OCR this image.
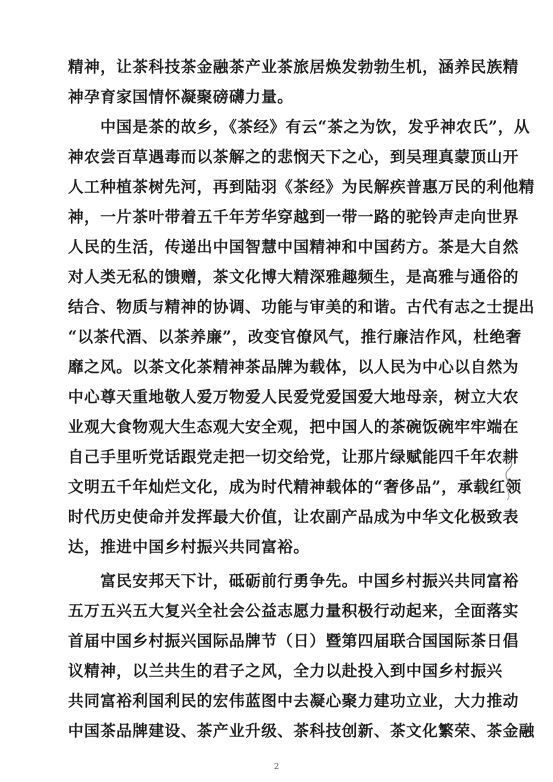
精神，让茶科技茶金融茶产业茶旅居焕发勃勃生机，涵养民族精
神孕育家国情怀凝聚磅礴力量。
　　中国是茶的故乡，《茶经》有云“茶之为饮，发乎神农氏”，从
神农尝百草遇毒而以茶解之的悲悯天下之心，到吴理真蒙顶山开
人工种植茶树先河，再到陆羽《茶经》为民解疾普惠万民的利他精
神，一片茶叶带着五千年芳华穿越到一带一路的驼铃声走向世界
人民的生活，传递出中国智慧中国精神和中国药方。茶是大自然
对人类无私的馈赠，茶文化博大精深雅趣频生，是高雅与通俗的
结合、物质与精神的协调、功能与审美的和谐。古代有志之士提出
“以茶代酒、以茶养廉”，改变官僚风气，推行廉洁作风，杜绝奢
靡之风。以茶文化茶精神茶品牌为载体，以人民为中心以自然为
中心尊天重地敬人爱万物爱人民爱党爱国爱大地母亲，树立大农
业观大食物观大生态观大安全观，把中国人的茶碗饭碗牢牢端在
自己手里听党话跟党走把一切交给党，让那片绿赋能四千年农耕
文明五千年灿烂文化，成为时代精神载体的“奢侈品”，承载红领
时代历史使命并发挥最大价值，让农副产品成为中华文化极致表
达，推进中国乡村振兴共同富裕。
　　富民安邦天下计，砥砺前行勇争先。中国乡村振兴共同富裕
五万五兴五大复兴全社会公益志愿力量积极行动起来，全面落实
首届中国乡村振兴国际品牌节（日）暨第四届联合国国际茶日倡
议精神，以兰共生的君子之风，全力以赴投入到中国乡村振兴
共同富裕利国利民的宏伟蓝图中去凝心聚力建功立业，大力推动
中国茶品牌建设、茶产业升级、茶科技创新、茶文化繁荣、茶金融
2
